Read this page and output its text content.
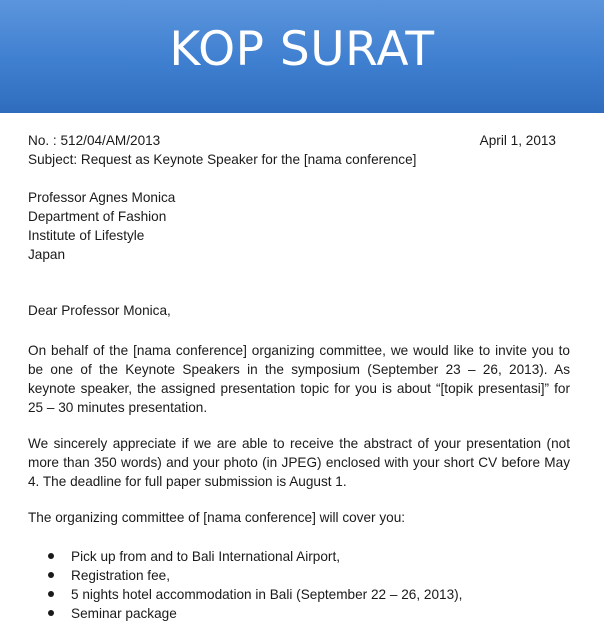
KOP SURAT
No. : 512/04/AM/2013	April 1, 2013
Subject: Request as Keynote Speaker for the [nama conference]
Professor Agnes Monica
Department of Fashion
Institute of Lifestyle
Japan
Dear Professor Monica,
On behalf of the [nama conference] organizing committee, we would like to invite you to be one of the Keynote Speakers in the symposium (September 23 – 26, 2013). As keynote speaker, the assigned presentation topic for you is about “[topik presentasi]” for 25 – 30 minutes presentation.
We sincerely appreciate if we are able to receive the abstract of your presentation (not more than 350 words) and your photo (in JPEG) enclosed with your short CV before May 4. The deadline for full paper submission is August 1.
The organizing committee of [nama conference] will cover you:
Pick up from and to Bali International Airport,
Registration fee,
5 nights hotel accommodation in Bali (September 22 – 26, 2013),
Seminar package
